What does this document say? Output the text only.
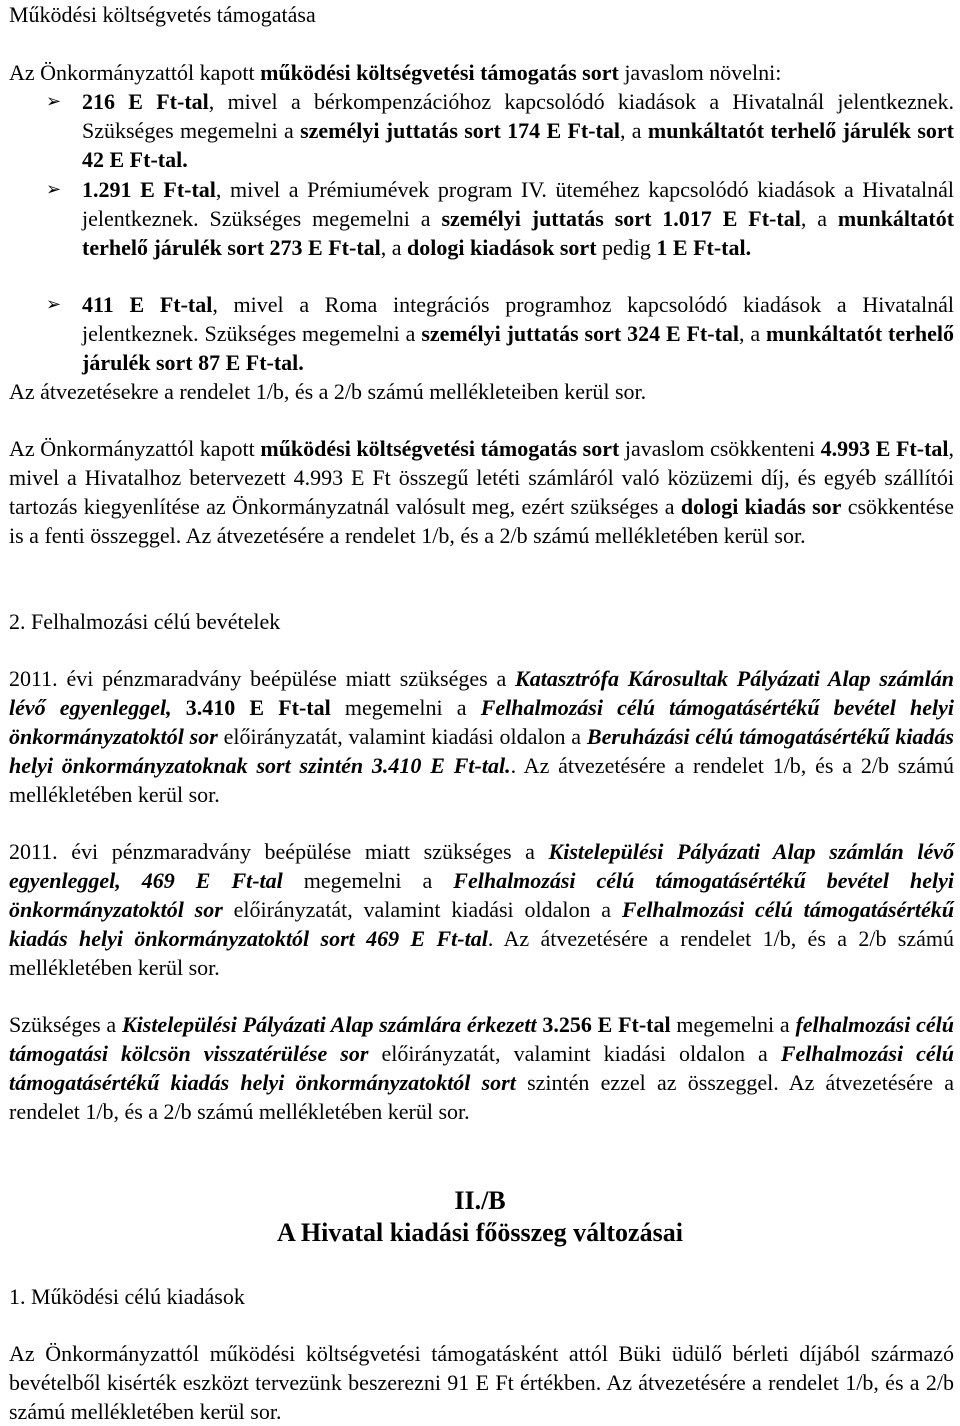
Működési költségvetés támogatása

Az Önkormányzattól kapott működési költségvetési támogatás sort javaslom növelni:

➢ 216 E Ft-tal, mivel a bérkompenzációhoz kapcsolódó kiadások a Hivatalnál jelentkeznek. Szükséges megemelni a személyi juttatás sort 174 E Ft-tal, a munkáltatót terhelő járulék sort 42 E Ft-tal.

➢ 1.291 E Ft-tal, mivel a Prémiumévek program IV. üteméhez kapcsolódó kiadások a Hivatalnál jelentkeznek. Szükséges megemelni a személyi juttatás sort 1.017 E Ft-tal, a munkáltatót terhelő járulék sort 273 E Ft-tal, a dologi kiadások sort pedig 1 E Ft-tal.

➢ 411 E Ft-tal, mivel a Roma integrációs programhoz kapcsolódó kiadások a Hivatalnál jelentkeznek. Szükséges megemelni a személyi juttatás sort 324 E Ft-tal, a munkáltatót terhelő járulék sort 87 E Ft-tal.

Az átvezetésekre a rendelet 1/b, és a 2/b számú mellékleteiben kerül sor.

Az Önkormányzattól kapott működési költségvetési támogatás sort javaslom csökkenteni 4.993 E Ft-tal, mivel a Hivatalhoz betervezett 4.993 E Ft összegű letéti számláról való közüzemi díj, és egyéb szállítói tartozás kiegyenlítése az Önkormányzatnál valósult meg, ezért szükséges a dologi kiadás sor csökkentése is a fenti összeggel. Az átvezetésére a rendelet 1/b, és a 2/b számú mellékletében kerül sor.

2. Felhalmozási célú bevételek

2011. évi pénzmaradvány beépülése miatt szükséges a Katasztrófa Károsultak Pályázati Alap számlán lévő egyenleggel, 3.410 E Ft-tal megemelni a Felhalmozási célú támogatásértékű bevétel helyi önkormányzatoktól sor előirányzatát, valamint kiadási oldalon a Beruházási célú támogatásértékű kiadás helyi önkormányzatoknak sort szintén 3.410 E Ft-tal.. Az átvezetésére a rendelet 1/b, és a 2/b számú mellékletében kerül sor.

2011. évi pénzmaradvány beépülése miatt szükséges a Kistelepülési Pályázati Alap számlán lévő egyenleggel, 469 E Ft-tal megemelni a Felhalmozási célú támogatásértékű bevétel helyi önkormányzatoktól sor előirányzatát, valamint kiadási oldalon a Felhalmozási célú támogatásértékű kiadás helyi önkormányzatoktól sort 469 E Ft-tal. Az átvezetésére a rendelet 1/b, és a 2/b számú mellékletében kerül sor.

Szükséges a Kistelepülési Pályázati Alap számlára érkezett 3.256 E Ft-tal megemelni a felhalmozási célú támogatási kölcsön visszatérülése sor előirányzatát, valamint kiadási oldalon a Felhalmozási célú támogatásértékű kiadás helyi önkormányzatoktól sort szintén ezzel az összeggel. Az átvezetésére a rendelet 1/b, és a 2/b számú mellékletében kerül sor.

II./B
A Hivatal kiadási főösszeg változásai
1. Működési célú kiadások

Az Önkormányzattól működési költségvetési támogatásként attól Büki üdülő bérleti díjából származó bevételből kisérték eszközt tervezünk beszerezni 91 E Ft értékben. Az átvezetésére a rendelet 1/b, és a 2/b számú mellékletében kerül sor.
